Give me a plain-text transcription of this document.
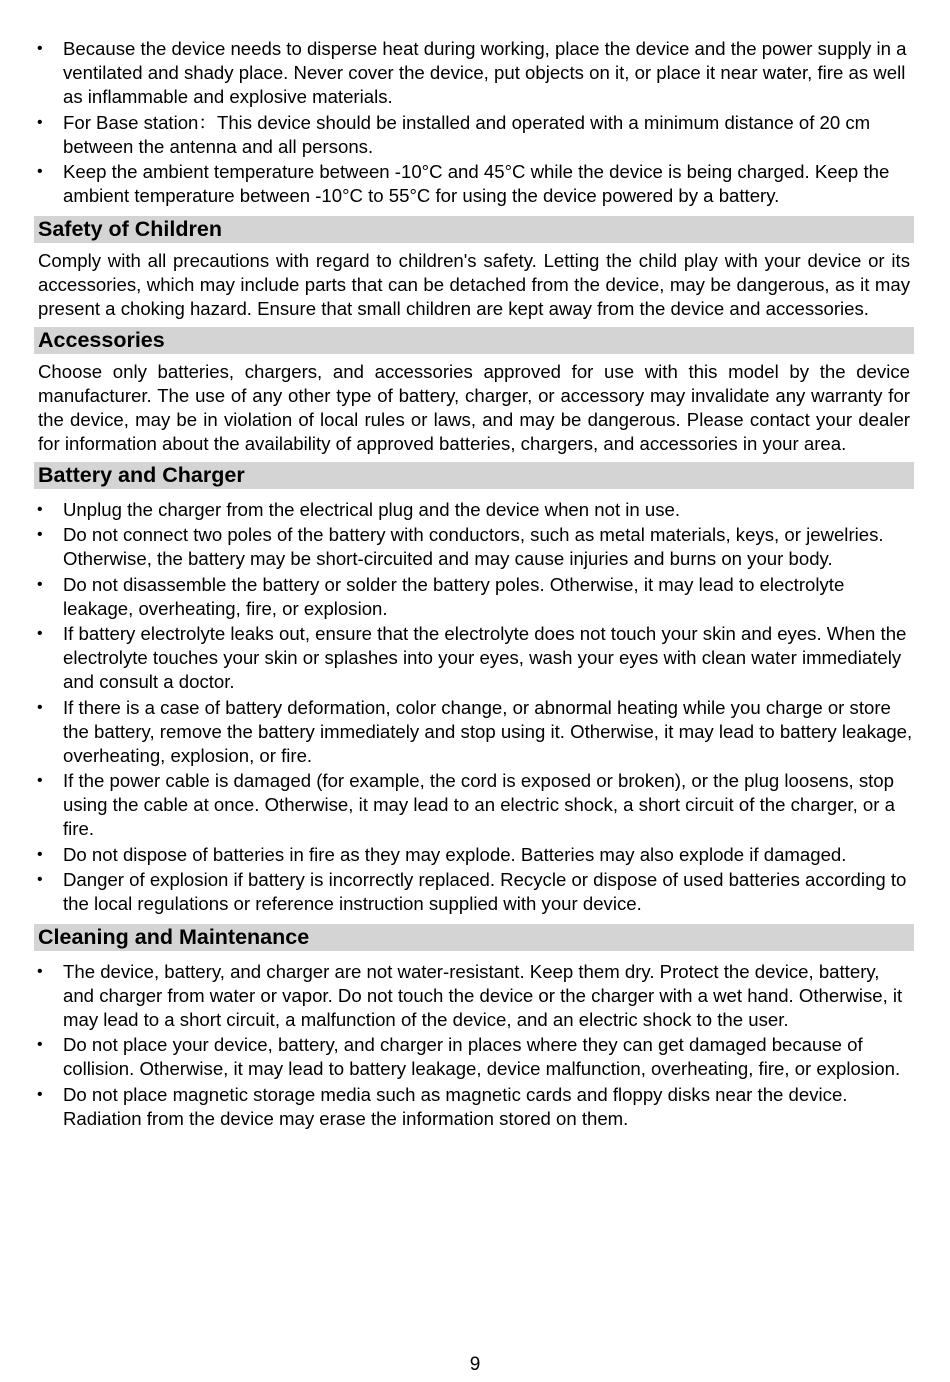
• Because the device needs to disperse heat during working, place the device and the power supply in a ventilated and shady place. Never cover the device, put objects on it, or place it near water, fire as well as inflammable and explosive materials.
• For Base station：This device should be installed and operated with a minimum distance of 20 cm between the antenna and all persons.
• Keep the ambient temperature between -10°C and 45°C while the device is being charged. Keep the ambient temperature between -10°C to 55°C for using the device powered by a battery.
Safety of Children

Comply with all precautions with regard to children's safety. Letting the child play with your device or its accessories, which may include parts that can be detached from the device, may be dangerous, as it may present a choking hazard. Ensure that small children are kept away from the device and accessories.

Accessories

Choose only batteries, chargers, and accessories approved for use with this model by the device manufacturer. The use of any other type of battery, charger, or accessory may invalidate any warranty for the device, may be in violation of local rules or laws, and may be dangerous. Please contact your dealer for information about the availability of approved batteries, chargers, and accessories in your area.

Battery and Charger
• Unplug the charger from the electrical plug and the device when not in use.
• Do not connect two poles of the battery with conductors, such as metal materials, keys, or jewelries. Otherwise, the battery may be short-circuited and may cause injuries and burns on your body.
• Do not disassemble the battery or solder the battery poles. Otherwise, it may lead to electrolyte leakage, overheating, fire, or explosion.
• If battery electrolyte leaks out, ensure that the electrolyte does not touch your skin and eyes. When the electrolyte touches your skin or splashes into your eyes, wash your eyes with clean water immediately and consult a doctor.
• If there is a case of battery deformation, color change, or abnormal heating while you charge or store the battery, remove the battery immediately and stop using it. Otherwise, it may lead to battery leakage, overheating, explosion, or fire.
• If the power cable is damaged (for example, the cord is exposed or broken), or the plug loosens, stop using the cable at once. Otherwise, it may lead to an electric shock, a short circuit of the charger, or a fire.
• Do not dispose of batteries in fire as they may explode. Batteries may also explode if damaged.
• Danger of explosion if battery is incorrectly replaced. Recycle or dispose of used batteries according to the local regulations or reference instruction supplied with your device.
Cleaning and Maintenance
• The device, battery, and charger are not water-resistant. Keep them dry. Protect the device, battery, and charger from water or vapor. Do not touch the device or the charger with a wet hand. Otherwise, it may lead to a short circuit, a malfunction of the device, and an electric shock to the user.
• Do not place your device, battery, and charger in places where they can get damaged because of collision. Otherwise, it may lead to battery leakage, device malfunction, overheating, fire, or explosion.
• Do not place magnetic storage media such as magnetic cards and floppy disks near the device. Radiation from the device may erase the information stored on them.
9
